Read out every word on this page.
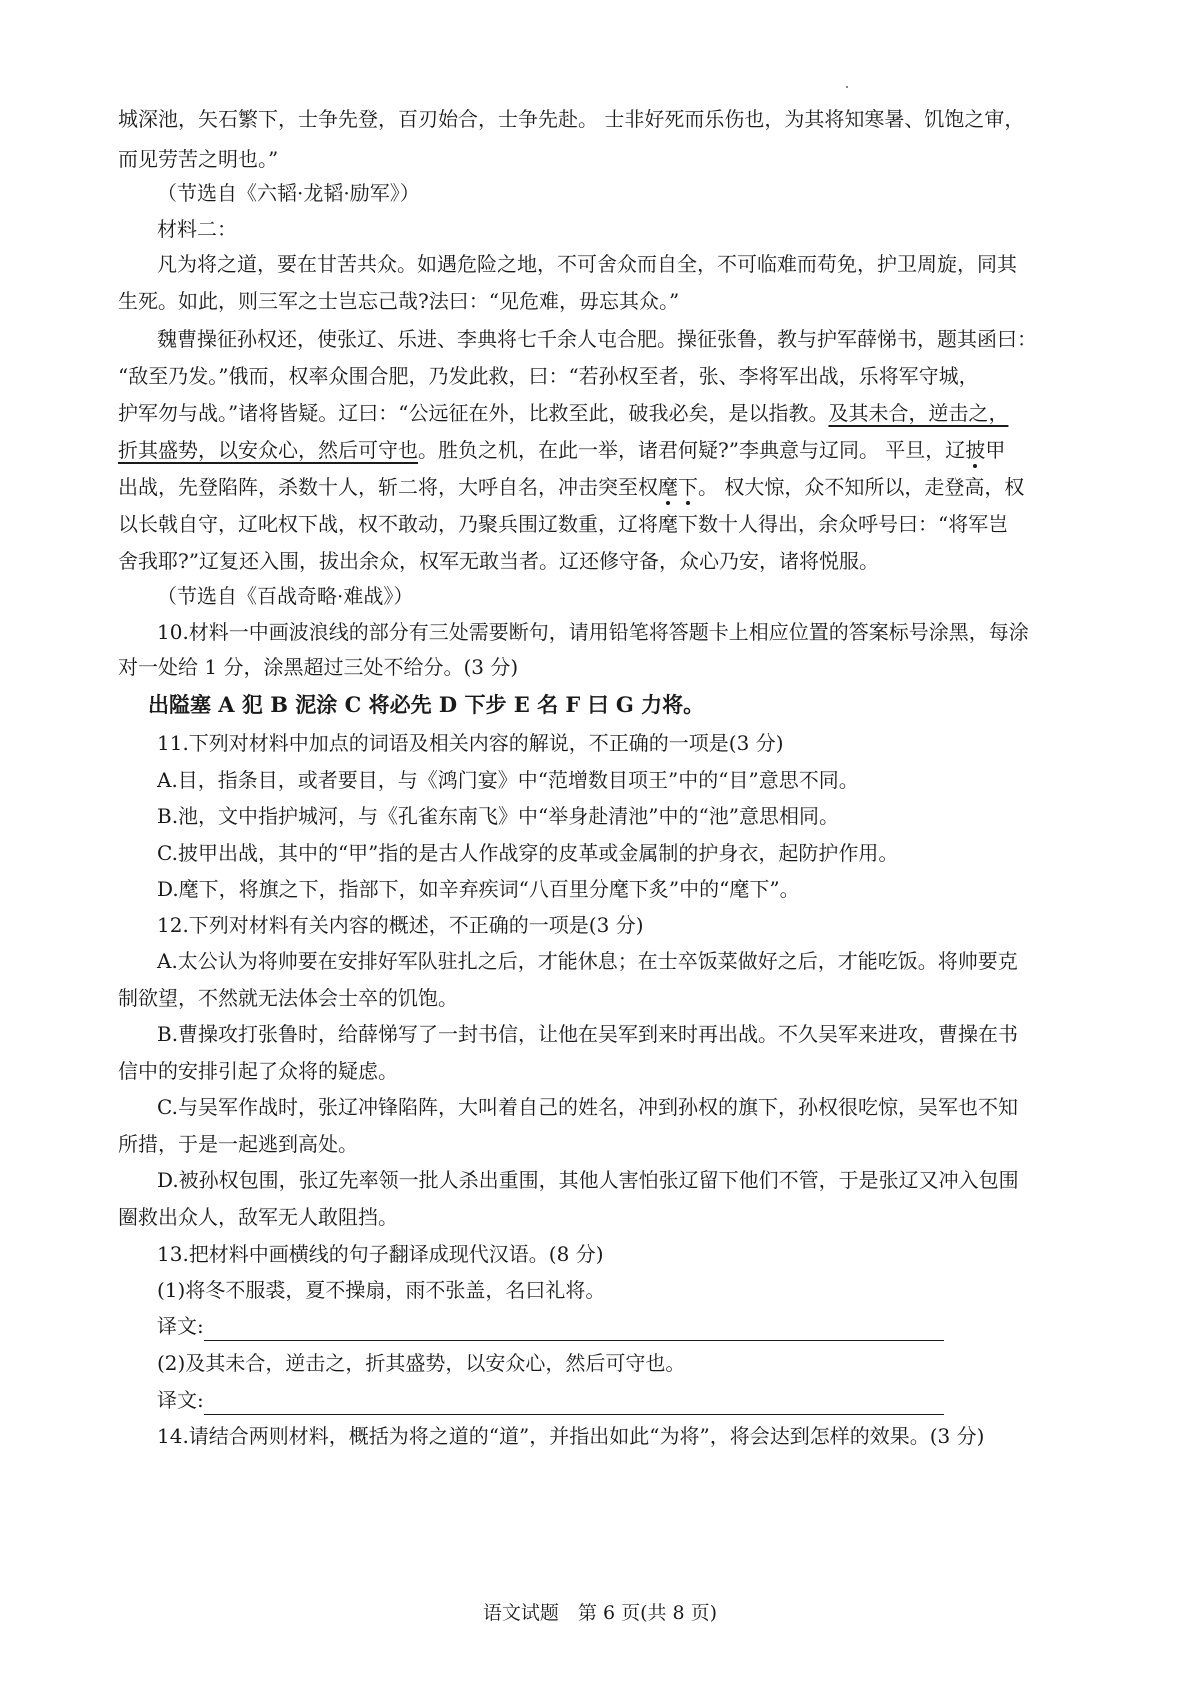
城深池，矢石繁下，士争先登，百刃始合，士争先赴。 士非好死而乐伤也，为其将知寒暑、饥饱之审，
而见劳苦之明也。”
（节选自《六韬·龙韬·励军》）
材料二：
凡为将之道，要在甘苦共众。如遇危险之地，不可舍众而自全，不可临难而苟免，护卫周旋，同其
生死。如此，则三军之士岂忘己哉?法曰：“见危难，毋忘其众。”
魏曹操征孙权还，使张辽、乐进、李典将七千余人屯合肥。操征张鲁，教与护军薛悌书，题其函曰：
“敌至乃发。”俄而，权率众围合肥，乃发此救，曰：“若孙权至者，张、李将军出战，乐将军守城，
护军勿与战。”诸将皆疑。辽曰：“公远征在外，比救至此，破我必矣，是以指教。及其未合，逆击之，
折其盛势，以安众心，然后可守也。胜负之机，在此一举，诸君何疑?”李典意与辽同。 平旦，辽披甲
出战，先登陷阵，杀数十人，斩二将，大呼自名，冲击突至权麾下。 权大惊，众不知所以，走登高，权
以长戟自守，辽叱权下战，权不敢动，乃聚兵围辽数重，辽将麾下数十人得出，余众呼号曰：“将军岂
舍我耶?”辽复还入围，拔出余众，权军无敢当者。辽还修守备，众心乃安，诸将悦服。
（节选自《百战奇略·难战》）
10.材料一中画波浪线的部分有三处需要断句，请用铅笔将答题卡上相应位置的答案标号涂黑，每涂
对一处给 1 分，涂黑超过三处不给分。(3 分)
出隘塞 A 犯 B 泥涂 C 将必先 D 下步 E 名 F 曰 G 力将。
11.下列对材料中加点的词语及相关内容的解说，不正确的一项是(3 分)
A.目，指条目，或者要目，与《鸿门宴》中“范增数目项王”中的“目”意思不同。
B.池，文中指护城河，与《孔雀东南飞》中“举身赴清池”中的“池”意思相同。
C.披甲出战，其中的“甲”指的是古人作战穿的皮革或金属制的护身衣，起防护作用。
D.麾下，将旗之下，指部下，如辛弃疾词“八百里分麾下炙”中的“麾下”。
12.下列对材料有关内容的概述，不正确的一项是(3 分)
A.太公认为将帅要在安排好军队驻扎之后，才能休息；在士卒饭菜做好之后，才能吃饭。将帅要克
制欲望，不然就无法体会士卒的饥饱。
B.曹操攻打张鲁时，给薛悌写了一封书信，让他在吴军到来时再出战。不久吴军来进攻，曹操在书
信中的安排引起了众将的疑虑。
C.与吴军作战时，张辽冲锋陷阵，大叫着自己的姓名，冲到孙权的旗下，孙权很吃惊，吴军也不知
所措，于是一起逃到高处。
D.被孙权包围，张辽先率领一批人杀出重围，其他人害怕张辽留下他们不管，于是张辽又冲入包围
圈救出众人，敌军无人敢阻挡。
13.把材料中画横线的句子翻译成现代汉语。(8 分)
(1)将冬不服裘，夏不操扇，雨不张盖，名曰礼将。
译文:
(2)及其未合，逆击之，折其盛势，以安众心，然后可守也。
译文:
14.请结合两则材料，概括为将之道的“道”，并指出如此“为将”，将会达到怎样的效果。(3 分)
语文试题　第 6 页(共 8 页)
